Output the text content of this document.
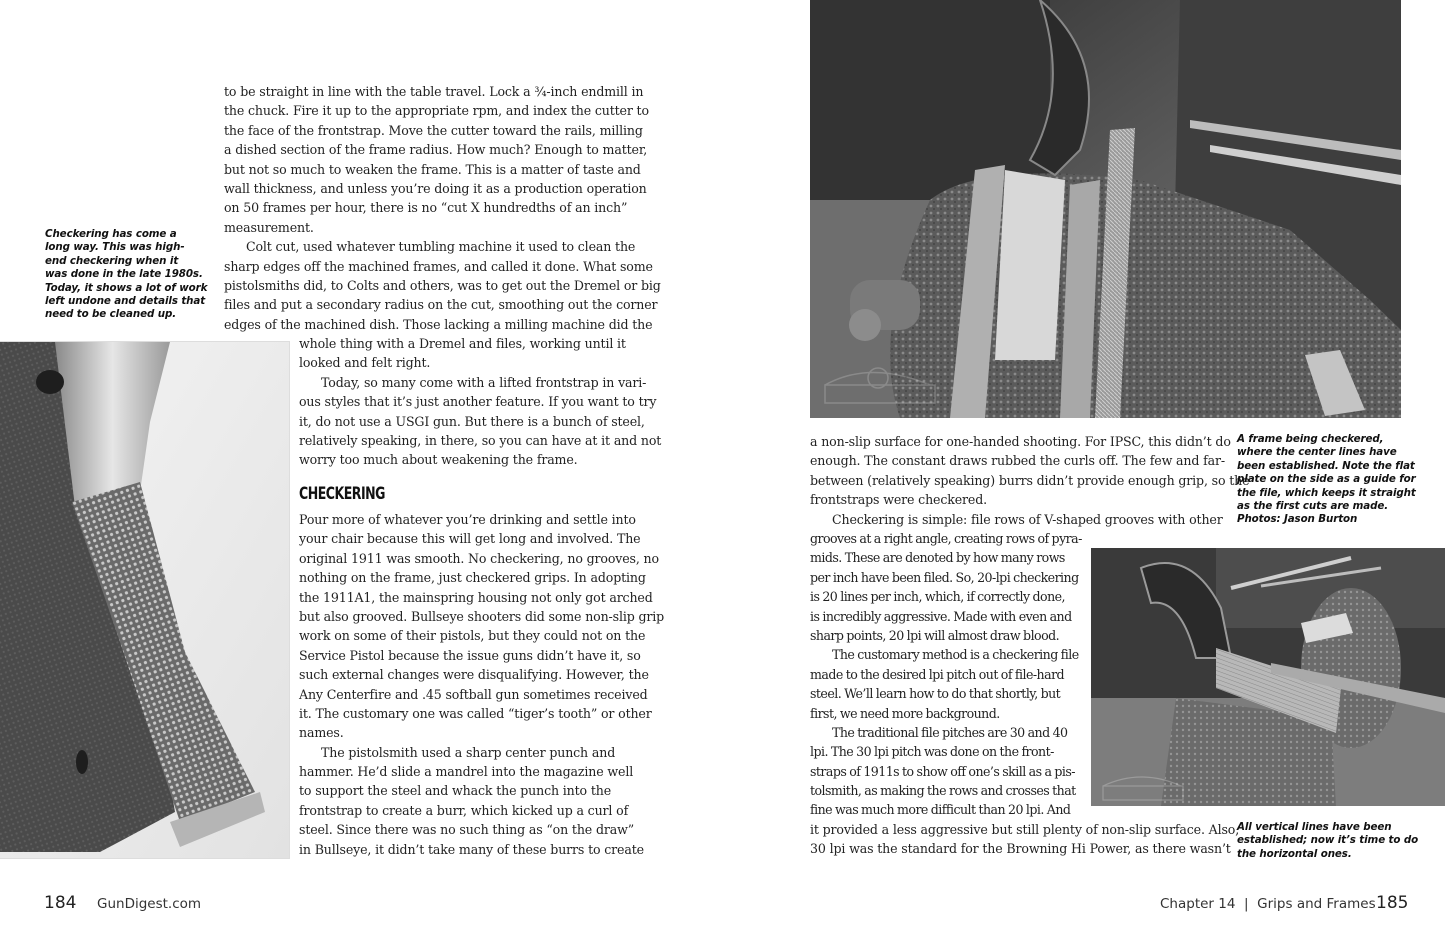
to be straight in line with the table travel. Lock a ¾-inch endmill in
the chuck. Fire it up to the appropriate rpm, and index the cutter to
the face of the frontstrap. Move the cutter toward the rails, milling
a dished section of the frame radius. How much? Enough to matter,
but not so much to weaken the frame. This is a matter of taste and
wall thickness, and unless you’re doing it as a production operation
on 50 frames per hour, there is no “cut X hundredths of an inch”
measurement.
Colt cut, used whatever tumbling machine it used to clean the
sharp edges off the machined frames, and called it done. What some
pistolsmiths did, to Colts and others, was to get out the Dremel or big
files and put a secondary radius on the cut, smoothing out the corner
edges of the machined dish. Those lacking a milling machine did the
whole thing with a Dremel and files, working until it
looked and felt right.
Today, so many come with a lifted frontstrap in vari-
ous styles that it’s just another feature. If you want to try
it, do not use a USGI gun. But there is a bunch of steel,
relatively speaking, in there, so you can have at it and not
worry too much about weakening the frame.
CHECKERING
Pour more of whatever you’re drinking and settle into
your chair because this will get long and involved. The
original 1911 was smooth. No checkering, no grooves, no
nothing on the frame, just checkered grips. In adopting
the 1911A1, the mainspring housing not only got arched
but also grooved. Bullseye shooters did some non-slip grip
work on some of their pistols, but they could not on the
Service Pistol because the issue guns didn’t have it, so
such external changes were disqualifying. However, the
Any Centerfire and .45 softball gun sometimes received
it. The customary one was called “tiger’s tooth” or other
names.
The pistolsmith used a sharp center punch and
hammer. He’d slide a mandrel into the magazine well
to support the steel and whack the punch into the
frontstrap to create a burr, which kicked up a curl of
steel. Since there was no such thing as “on the draw”
in Bullseye, it didn’t take many of these burrs to create
Checkering has come a
long way. This was high-
end checkering when it
was done in the late 1980s.
Today, it shows a lot of work
left undone and details that
need to be cleaned up.
184 GunDigest.com
a non-slip surface for one-handed shooting. For IPSC, this didn’t do
enough. The constant draws rubbed the curls off. The few and far-
between (relatively speaking) burrs didn’t provide enough grip, so the
frontstraps were checkered.
Checkering is simple: file rows of V-shaped grooves with other
grooves at a right angle, creating rows of pyra-
mids. These are denoted by how many rows
per inch have been filed. So, 20-lpi checkering
is 20 lines per inch, which, if correctly done,
is incredibly aggressive. Made with even and
sharp points, 20 lpi will almost draw blood.
The customary method is a checkering file
made to the desired lpi pitch out of file-hard
steel. We’ll learn how to do that shortly, but
first, we need more background.
The traditional file pitches are 30 and 40
lpi. The 30 lpi pitch was done on the front-
straps of 1911s to show off one’s skill as a pis-
tolsmith, as making the rows and crosses that
fine was much more difficult than 20 lpi. And
it provided a less aggressive but still plenty of non-slip surface. Also,
30 lpi was the standard for the Browning Hi Power, as there wasn’t
A frame being checkered,
where the center lines have
been established. Note the flat
plate on the side as a guide for
the file, which keeps it straight
as the first cuts are made.
Photos: Jason Burton
All vertical lines have been
established; now it’s time to do
the horizontal ones.
Chapter 14  |  Grips and Frames 185
